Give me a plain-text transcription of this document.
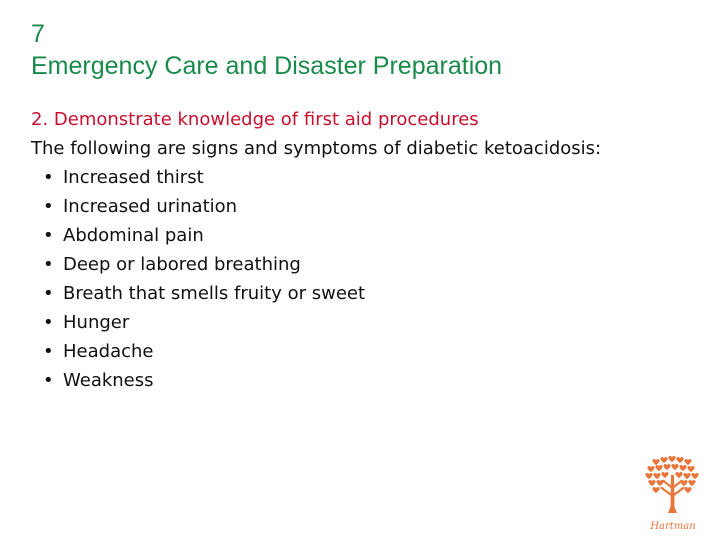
7
Emergency Care and Disaster Preparation
2. Demonstrate knowledge of first aid procedures
The following are signs and symptoms of diabetic ketoacidosis:
• Increased thirst
• Increased urination
• Abdominal pain
• Deep or labored breathing
• Breath that smells fruity or sweet
• Hunger
• Headache
• Weakness
Hartman
